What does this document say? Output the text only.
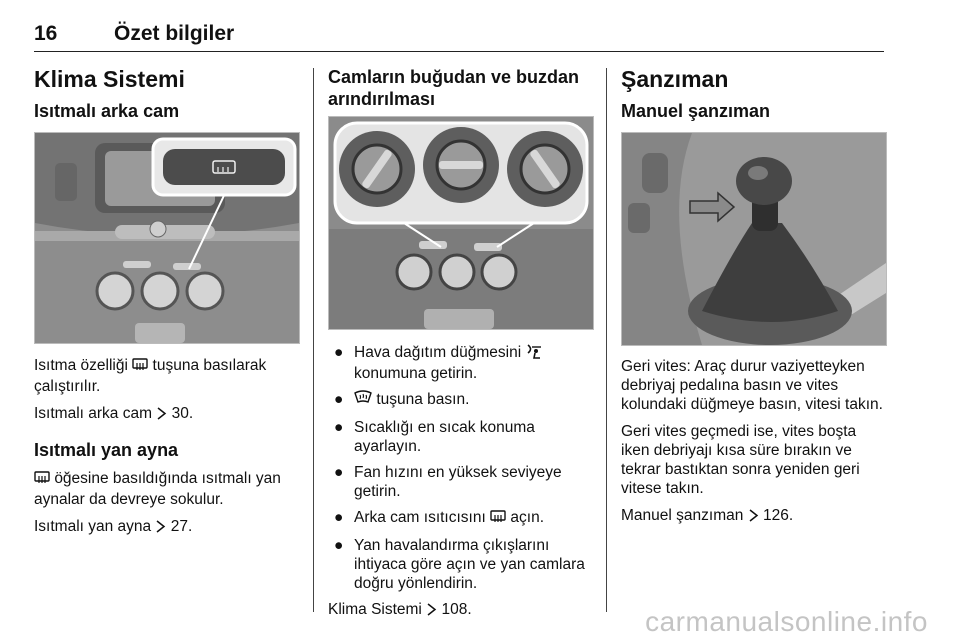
16	Özet bilgiler
Klima Sistemi
Isıtmalı arka cam

Isıtma özelliği tuşuna basılarak çalıştırılır.

Isıtmalı arka cam 30.

Isıtmalı yan ayna

öğesine basıldığında ısıtmalı yan aynalar da devreye sokulur.

Isıtmalı yan ayna 27.

Camların buğudan ve buzdan arındırılması
● Hava dağıtım düğmesini  konumuna getirin.
● tuşuna basın.
● Sıcaklığı en sıcak konuma ayarlayın.
● Fan hızını en yüksek seviyeye getirin.
● Arka cam ısıtıcısını açın.
● Yan havalandırma çıkışlarını ihtiyaca göre açın ve yan camlara doğru yönlendirin.
Klima Sistemi 108.
Şanzıman
Manuel şanzıman

Geri vites: Araç durur vaziyetteyken debriyaj pedalına basın ve vites kolundaki düğmeye basın, vitesi takın.

Geri vites geçmedi ise, vites boşta iken debriyajı kısa süre bırakın ve tekrar bastıktan sonra yeniden geri vitese takın.

Manuel şanzıman 126.

carmanualsonline.info
